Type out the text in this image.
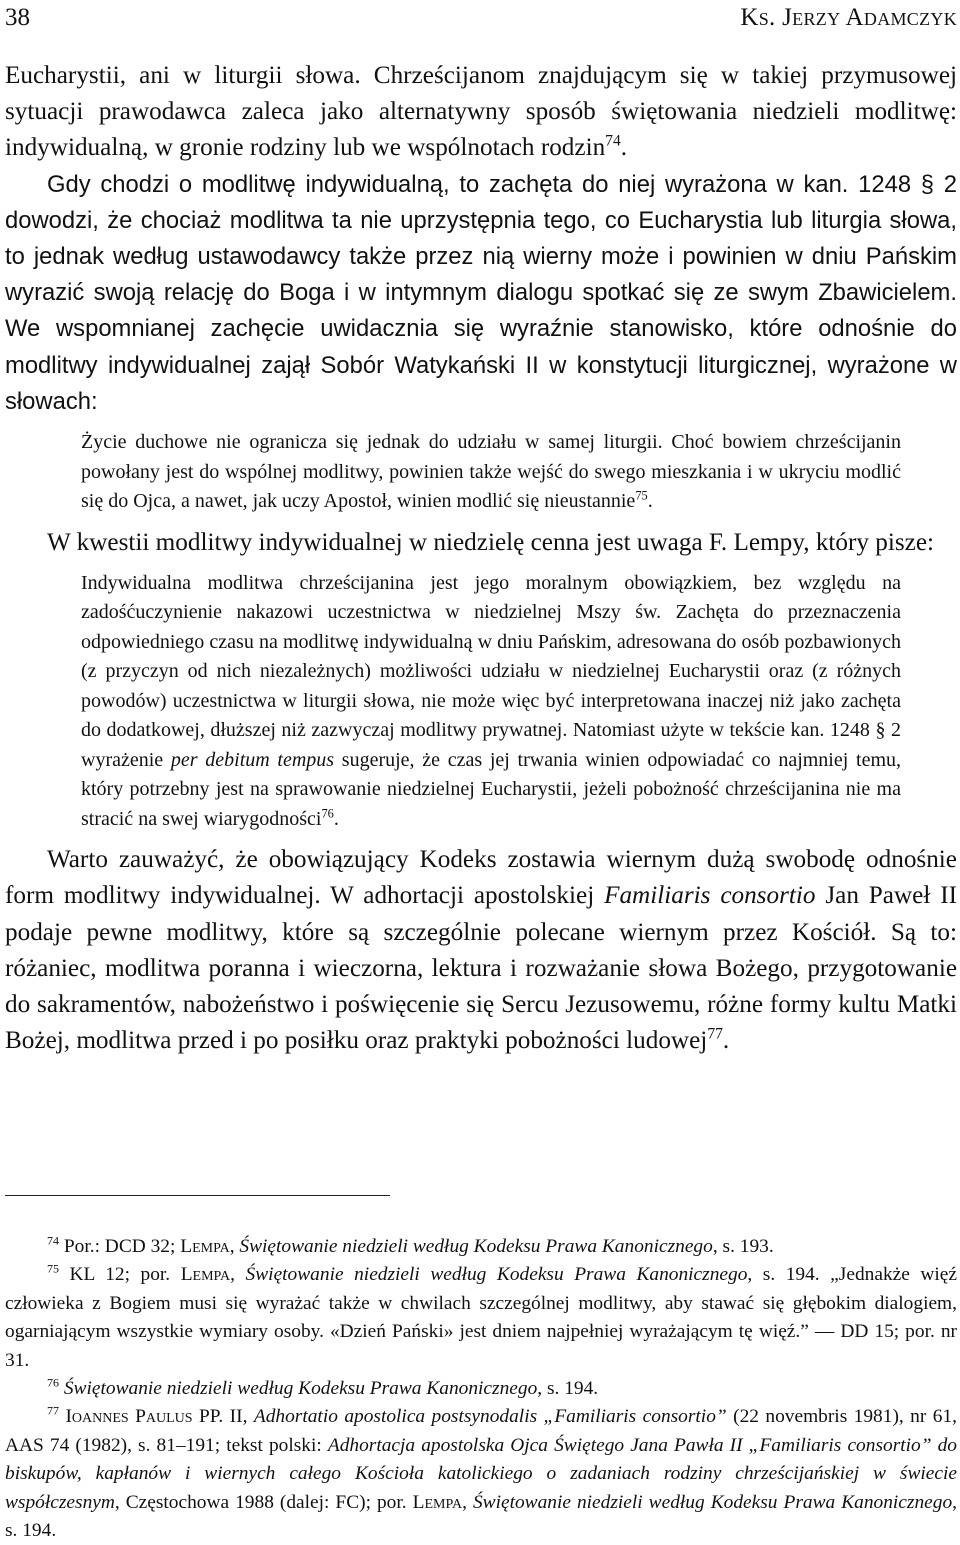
38	Ks. Jerzy Adamczyk

Eucharystii, ani w liturgii słowa. Chrześcijanom znajdującym się w takiej przymusowej sytuacji prawodawca zaleca jako alternatywny sposób świętowania niedzieli modlitwę: indywidualną, w gronie rodziny lub we wspólnotach rodzin$^{74}$.

Gdy chodzi o modlitwę indywidualną, to zachęta do niej wyrażona w kan. 1248 § 2 dowodzi, że chociaż modlitwa ta nie uprzystępnia tego, co Eucharystia lub liturgia słowa, to jednak według ustawodawcy także przez nią wierny może i powinien w dniu Pańskim wyrazić swoją relację do Boga i w intymnym dialogu spotkać się ze swym Zbawicielem. We wspomnianej zachęcie uwidacznia się wyraźnie stanowisko, które odnośnie do modlitwy indywidualnej zajął Sobór Watykański II w konstytucji liturgicznej, wyrażone w słowach:

Życie duchowe nie ogranicza się jednak do udziału w samej liturgii. Choć bowiem chrześcijanin powołany jest do wspólnej modlitwy, powinien także wejść do swego mieszkania i w ukryciu modlić się do Ojca, a nawet, jak uczy Apostoł, winien modlić się nieustannie$^{75}$.

W kwestii modlitwy indywidualnej w niedzielę cenna jest uwaga F. Lempy, który pisze:

Indywidualna modlitwa chrześcijanina jest jego moralnym obowiązkiem, bez względu na zadośćuczynienie nakazowi uczestnictwa w niedzielnej Mszy św. Zachęta do przeznaczenia odpowiedniego czasu na modlitwę indywidualną w dniu Pańskim, adresowana do osób pozbawionych (z przyczyn od nich niezależnych) możliwości udziału w niedzielnej Eucharystii oraz (z różnych powodów) uczestnictwa w liturgii słowa, nie może więc być interpretowana inaczej niż jako zachęta do dodatkowej, dłuższej niż zazwyczaj modlitwy prywatnej. Natomiast użyte w tekście kan. 1248 § 2 wyrażenie per debitum tempus sugeruje, że czas jej trwania winien odpowiadać co najmniej temu, który potrzebny jest na sprawowanie niedzielnej Eucharystii, jeżeli pobożność chrześcijanina nie ma stracić na swej wiarygodności$^{76}$.

Warto zauważyć, że obowiązujący Kodeks zostawia wiernym dużą swobodę odnośnie form modlitwy indywidualnej. W adhortacji apostolskiej Familiaris consortio Jan Paweł II podaje pewne modlitwy, które są szczególnie polecane wiernym przez Kościół. Są to: różaniec, modlitwa poranna i wieczorna, lektura i rozważanie słowa Bożego, przygotowanie do sakramentów, nabożeństwo i poświęcenie się Sercu Jezusowemu, różne formy kultu Matki Bożej, modlitwa przed i po posiłku oraz praktyki pobożności ludowej$^{77}$.

$^{74}$ Por.: DCD 32; Lempa, Świętowanie niedzieli według Kodeksu Prawa Kanonicznego, s. 193.

$^{75}$ KL 12; por. Lempa, Świętowanie niedzieli według Kodeksu Prawa Kanonicznego, s. 194. „Jednakże więź człowieka z Bogiem musi się wyrażać także w chwilach szczególnej modlitwy, aby stawać się głębokim dialogiem, ogarniającym wszystkie wymiary osoby. «Dzień Pański» jest dniem najpełniej wyrażającym tę więź.” — DD 15; por. nr 31.

$^{76}$ Świętowanie niedzieli według Kodeksu Prawa Kanonicznego, s. 194.

$^{77}$ Ioannes Paulus PP. II, Adhortatio apostolica postsynodalis „Familiaris consortio” (22 novembris 1981), nr 61, AAS 74 (1982), s. 81–191; tekst polski: Adhortacja apostolska Ojca Świętego Jana Pawła II „Familiaris consortio” do biskupów, kapłanów i wiernych całego Kościoła katolickiego o zadaniach rodziny chrześcijańskiej w świecie współczesnym, Częstochowa 1988 (dalej: FC); por. Lempa, Świętowanie niedzieli według Kodeksu Prawa Kanonicznego, s. 194.
